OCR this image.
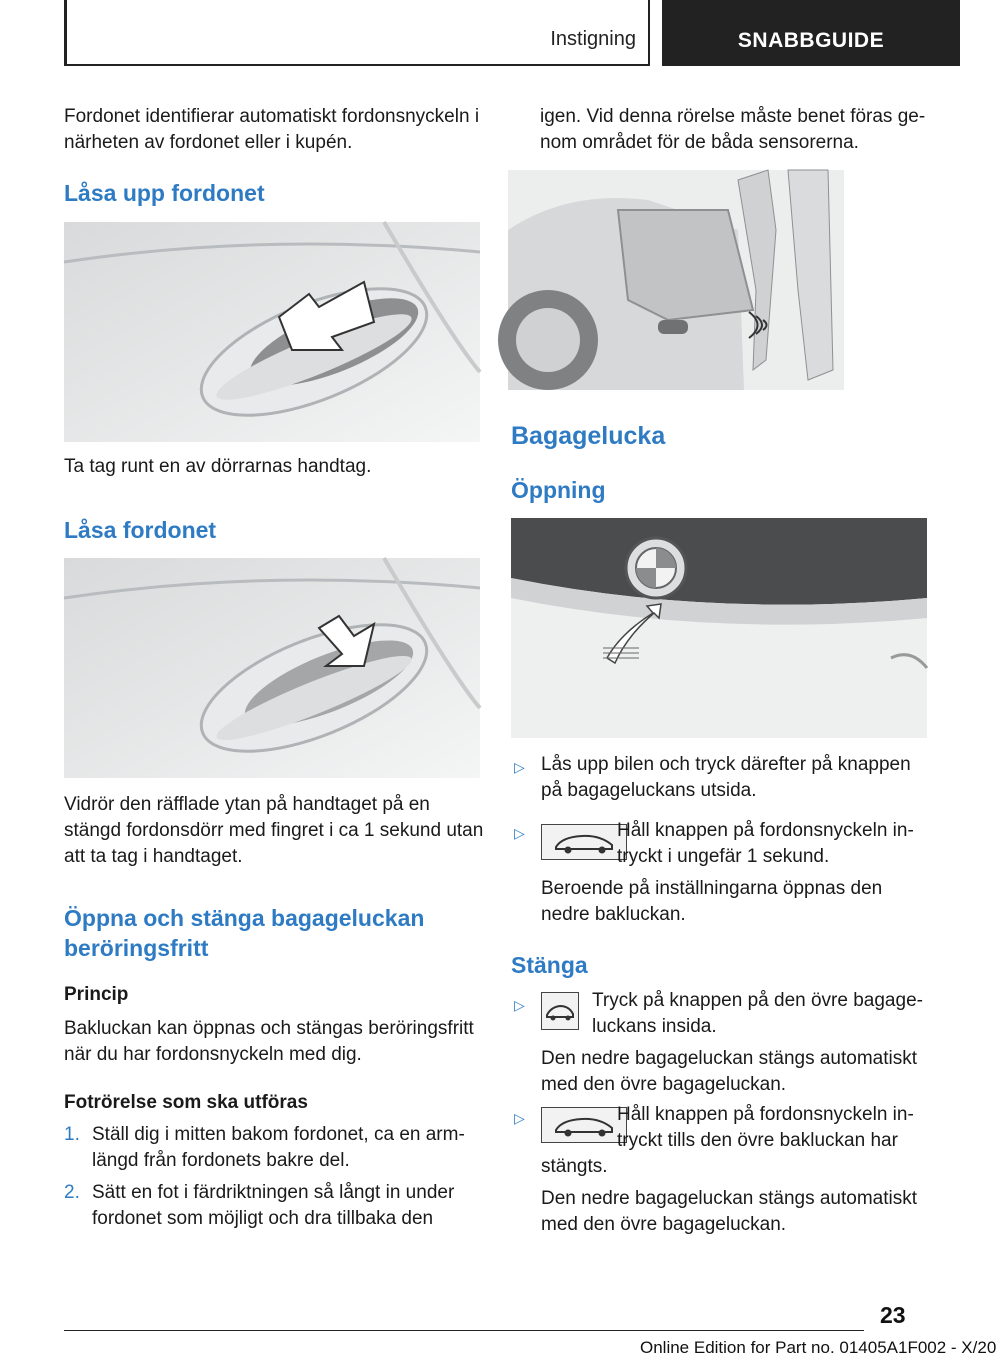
Instigning	SNABBGUIDE
Fordonet identifierar automatiskt fordonsnyckeln i närheten av fordonet eller i kupén.
Låsa upp fordonet
Ta tag runt en av dörrarnas handtag.
Låsa fordonet
Vidrör den räfflade ytan på handtaget på en stängd fordonsdörr med fingret i ca 1 sekund utan att ta tag i handtaget.
Öppna och stänga bagageluckan beröringsfritt
Princip
Bakluckan kan öppnas och stängas beröringsfritt när du har fordonsnyckeln med dig.
Fotrörelse som ska utföras
1. Ställ dig i mitten bakom fordonet, ca en armlängd från fordonets bakre del.
2. Sätt en fot i färdriktningen så långt in under fordonet som möjligt och dra tillbaka den
igen. Vid denna rörelse måste benet föras genom området för de båda sensorerna.
Bagagelucka
Öppning
▷ Lås upp bilen och tryck därefter på knappen på bagageluckans utsida.
▷	Håll knappen på fordonsnyckeln intryckt i ungefär 1 sekund.
Beroende på inställningarna öppnas den nedre bakluckan.
Stänga
▷	Tryck på knappen på den övre bagageluckans insida.
Den nedre bagageluckan stängs automatiskt med den övre bagageluckan.
▷	Håll knappen på fordonsnyckeln intryckt tills den övre bakluckan har
stängts.
Den nedre bagageluckan stängs automatiskt med den övre bagageluckan.
23
Online Edition for Part no. 01405A1F002 - X/20
